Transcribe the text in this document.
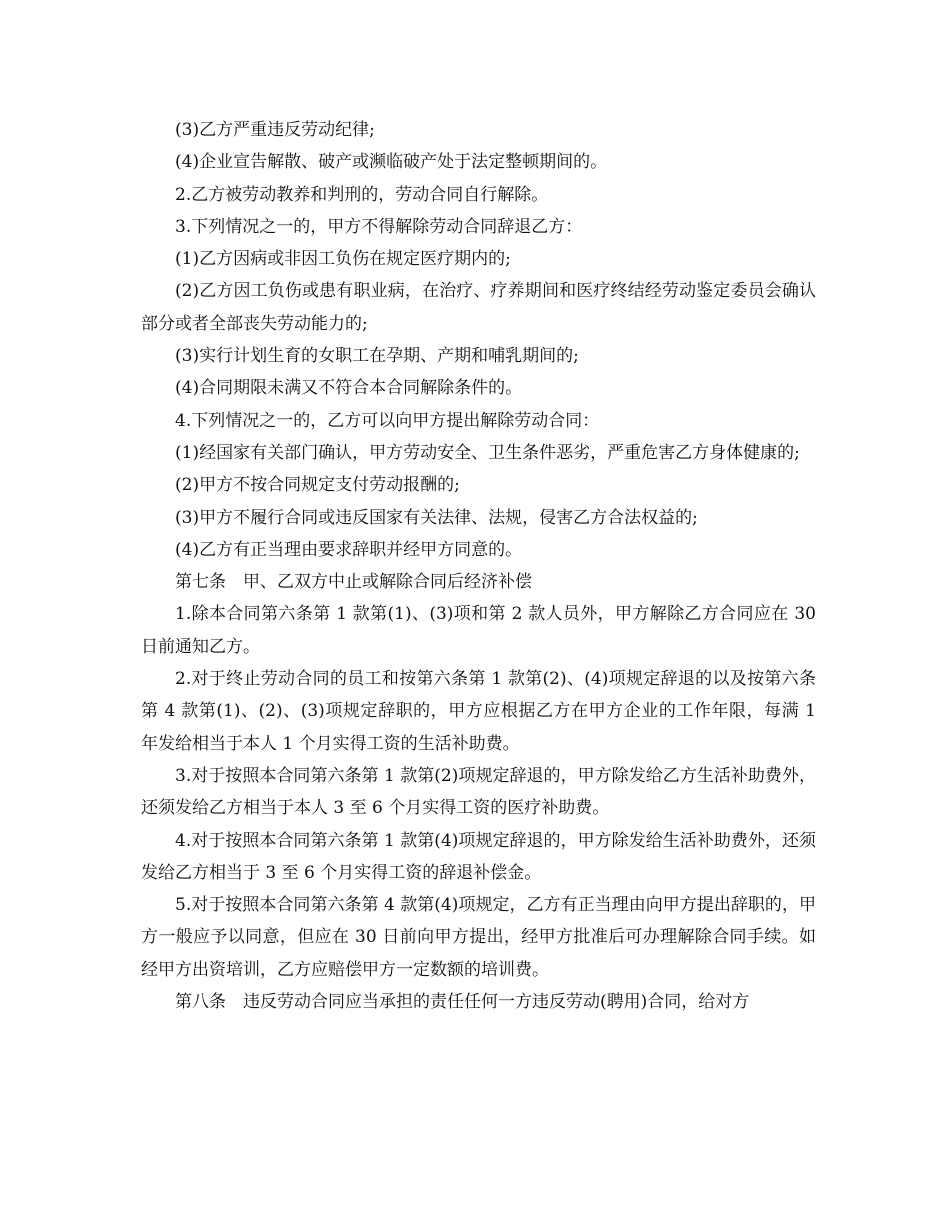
(3)乙方严重违反劳动纪律;

(4)企业宣告解散、破产或濒临破产处于法定整顿期间的。

2.乙方被劳动教养和判刑的，劳动合同自行解除。

3.下列情况之一的，甲方不得解除劳动合同辞退乙方：

(1)乙方因病或非因工负伤在规定医疗期内的;

(2)乙方因工负伤或患有职业病，在治疗、疗养期间和医疗终结经劳动鉴定委员会确认部分或者全部丧失劳动能力的;

(3)实行计划生育的女职工在孕期、产期和哺乳期间的;

(4)合同期限未满又不符合本合同解除条件的。

4.下列情况之一的，乙方可以向甲方提出解除劳动合同：

(1)经国家有关部门确认，甲方劳动安全、卫生条件恶劣，严重危害乙方身体健康的;

(2)甲方不按合同规定支付劳动报酬的;

(3)甲方不履行合同或违反国家有关法律、法规，侵害乙方合法权益的;

(4)乙方有正当理由要求辞职并经甲方同意的。

第七条　甲、乙双方中止或解除合同后经济补偿

1.除本合同第六条第 1 款第(1)、(3)项和第 2 款人员外，甲方解除乙方合同应在 30 日前通知乙方。

2.对于终止劳动合同的员工和按第六条第 1 款第(2)、(4)项规定辞退的以及按第六条第 4 款第(1)、(2)、(3)项规定辞职的，甲方应根据乙方在甲方企业的工作年限，每满 1 年发给相当于本人 1 个月实得工资的生活补助费。

3.对于按照本合同第六条第 1 款第(2)项规定辞退的，甲方除发给乙方生活补助费外，还须发给乙方相当于本人 3 至 6 个月实得工资的医疗补助费。

4.对于按照本合同第六条第 1 款第(4)项规定辞退的，甲方除发给生活补助费外，还须发给乙方相当于 3 至 6 个月实得工资的辞退补偿金。

5.对于按照本合同第六条第 4 款第(4)项规定，乙方有正当理由向甲方提出辞职的，甲方一般应予以同意，但应在 30 日前向甲方提出，经甲方批准后可办理解除合同手续。如经甲方出资培训，乙方应赔偿甲方一定数额的培训费。

第八条　违反劳动合同应当承担的责任任何一方违反劳动(聘用)合同，给对方
